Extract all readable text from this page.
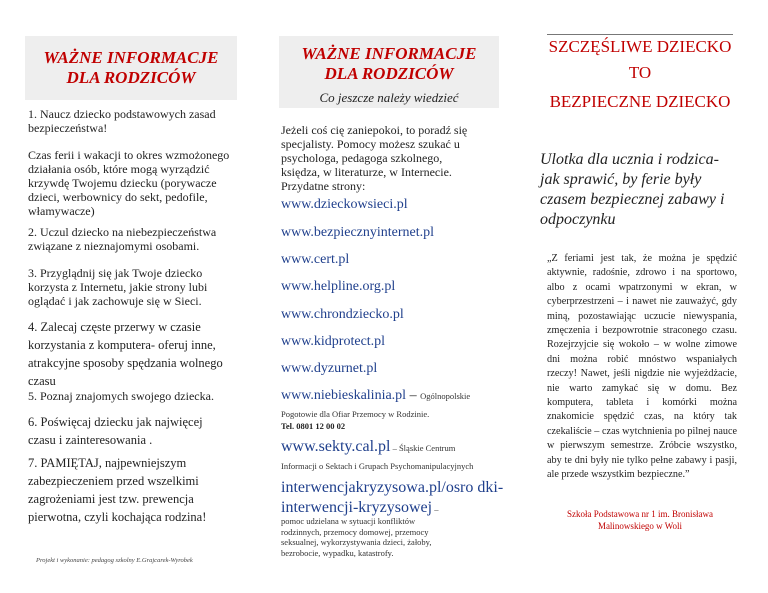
WAŻNE INFORMACJE
DLA RODZICÓW

1. Naucz dziecko podstawowych zasad bezpieczeństwa!

Czas ferii i wakacji to okres wzmożonego działania osób, które mogą wyrządzić krzywdę Twojemu dziecku (porywacze dzieci, werbownicy do sekt, pedofile, włamywacze)

2. Uczul dziecko na niebezpieczeństwa związane z nieznajomymi osobami.

3. Przyglądnij się jak Twoje dziecko korzysta z Internetu, jakie strony lubi oglądać i jak zachowuje się w Sieci.

4. Zalecaj częste przerwy w czasie korzystania z komputera- oferuj inne, atrakcyjne sposoby spędzania wolnego czasu

5. Poznaj znajomych swojego dziecka.

6. Poświęcaj dziecku jak najwięcej czasu i zainteresowania .

7. PAMIĘTAJ, najpewniejszym zabezpieczeniem przed wszelkimi zagrożeniami jest tzw. prewencja pierwotna, czyli kochająca rodzina!

Projekt i wykonanie: pedagog szkolny E.Grajcarek-Wyrobek
WAŻNE INFORMACJE
DLA RODZICÓW
Co jeszcze należy wiedzieć

Jeżeli coś cię zaniepokoi, to poradź się specjalisty. Pomocy możesz szukać u psychologa, pedagoga szkolnego, księdza, w literaturze, w Internecie. Przydatne strony:

www.dzieckowsieci.pl
www.bezpiecznyinternet.pl
www.cert.pl
www.helpline.org.pl
www.chrondziecko.pl
www.kidprotect.pl
www.dyzurnet.pl
www.niebieskalinia.pl – Ogólnopolskie
Pogotowie dla Ofiar Przemocy w Rodzinie.
Tel. 0801 12 00 02
www.sekty.cal.pl – Śląskie Centrum
Informacji o Sektach i Grupach Psychomanipulacyjnych
interwencjakryzysowa.pl/osro dki-interwencji-kryzysowej –
pomoc udzielana w sytuacji konfliktów rodzinnych, przemocy domowej, przemocy seksualnej, wykorzystywania dzieci, żałoby, bezrobocie, wypadku, katastrofy.
SZCZĘŚLIWE DZIECKO
TO
BEZPIECZNE DZIECKO
Ulotka dla ucznia i rodzica- jak sprawić, by ferie były czasem bezpiecznej zabawy i odpoczynku

„Z feriami jest tak, że można je spędzić aktywnie, radośnie, zdrowo i na sportowo, albo z ocami wpatrzonymi w ekran, w cyberprzestrzeni – i nawet nie zauważyć, gdy miną, pozostawiając uczucie niewyspania, zmęczenia i bezpowrotnie straconego czasu. Rozejrzyjcie się wokoło – w wolne zimowe dni można robić mnóstwo wspaniałych rzeczy! Nawet, jeśli nigdzie nie wyjeżdżacie, nie warto zamykać się w domu. Bez komputera, tableta i komórki można znakomicie spędzić czas, na który tak czekaliście – czas wytchnienia po pilnej nauce w pierwszym semestrze. Zróbcie wszystko, aby te dni były nie tylko pełne zabawy i pasji, ale przede wszystkim bezpieczne.”

Szkoła Podstawowa nr 1 im. Bronisława Malinowskiego w Woli
